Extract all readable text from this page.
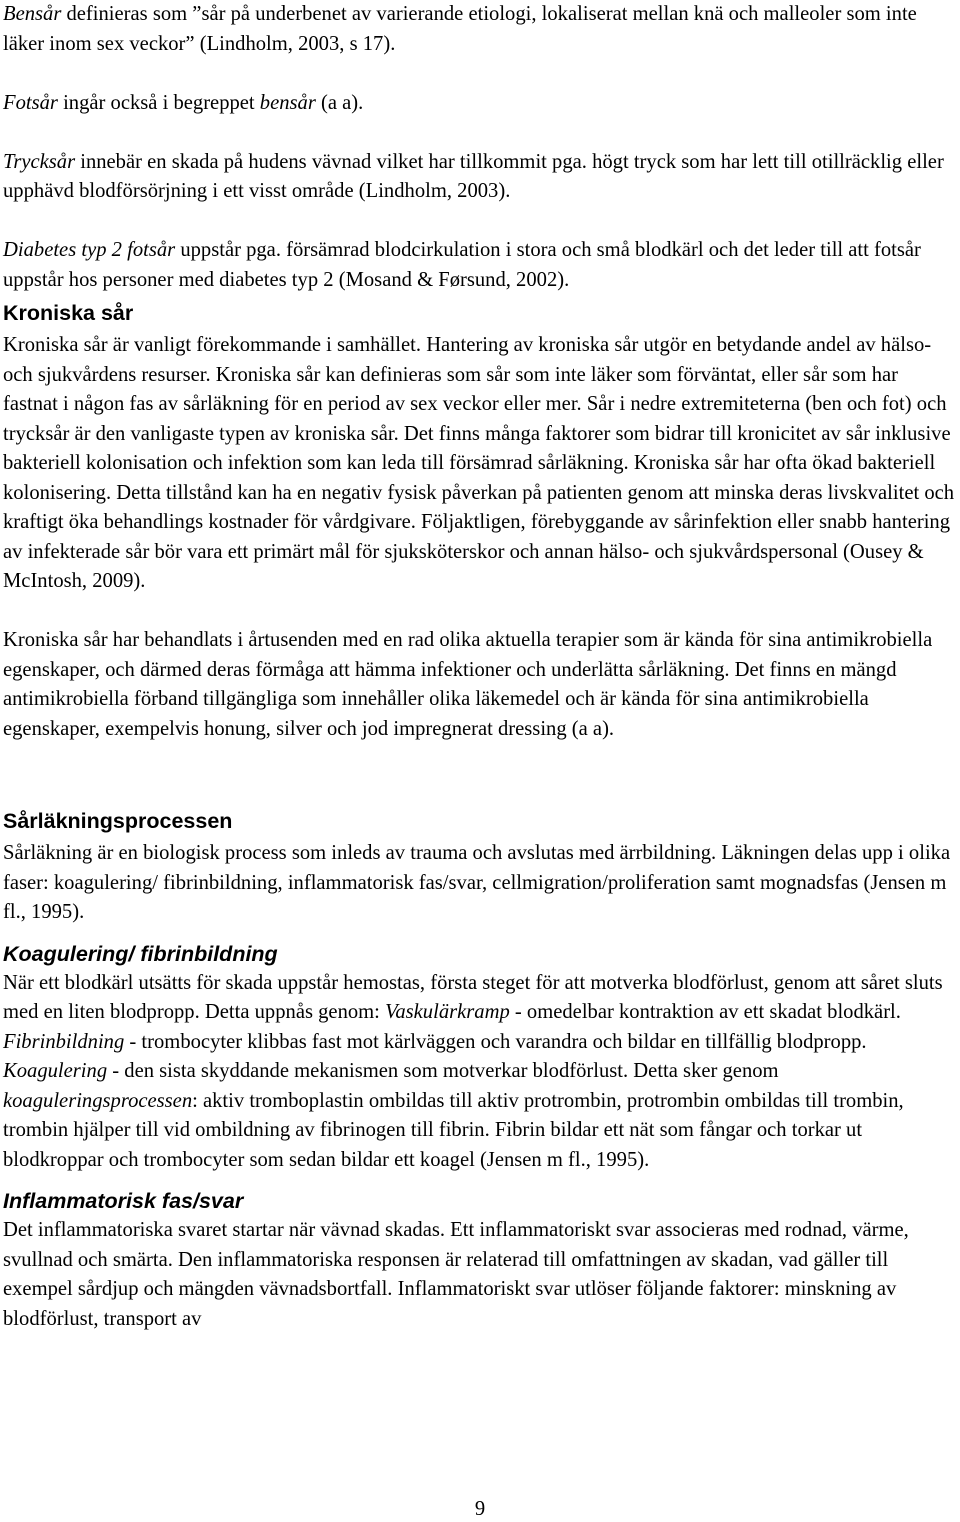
Bensår definieras som ”sår på underbenet av varierande etiologi, lokaliserat mellan knä och malleoler som inte läker inom sex veckor” (Lindholm, 2003, s 17).

Fotsår ingår också i begreppet bensår (a a).

Trycksår innebär en skada på hudens vävnad vilket har tillkommit pga. högt tryck som har lett till otillräcklig eller upphävd blodförsörjning i ett visst område (Lindholm, 2003).

Diabetes typ 2 fotsår uppstår pga. försämrad blodcirkulation i stora och små blodkärl och det leder till att fotsår uppstår hos personer med diabetes typ 2 (Mosand & Førsund, 2002).

Kroniska sår

Kroniska sår är vanligt förekommande i samhället. Hantering av kroniska sår utgör en betydande andel av hälso- och sjukvårdens resurser. Kroniska sår kan definieras som sår som inte läker som förväntat, eller sår som har fastnat i någon fas av sårläkning för en period av sex veckor eller mer. Sår i nedre extremiteterna (ben och fot) och trycksår är den vanligaste typen av kroniska sår. Det finns många faktorer som bidrar till kronicitet av sår inklusive bakteriell kolonisation och infektion som kan leda till försämrad sårläkning. Kroniska sår har ofta ökad bakteriell kolonisering. Detta tillstånd kan ha en negativ fysisk påverkan på patienten genom att minska deras livskvalitet och kraftigt öka behandlings kostnader för vårdgivare. Följaktligen, förebyggande av sårinfektion eller snabb hantering av infekterade sår bör vara ett primärt mål för sjuksköterskor och annan hälso- och sjukvårdspersonal (Ousey & McIntosh, 2009).

Kroniska sår har behandlats i årtusenden med en rad olika aktuella terapier som är kända för sina antimikrobiella egenskaper, och därmed deras förmåga att hämma infektioner och underlätta sårläkning. Det finns en mängd antimikrobiella förband tillgängliga som innehåller olika läkemedel och är kända för sina antimikrobiella egenskaper, exempelvis honung, silver och jod impregnerat dressing (a a).

Sårläkningsprocessen

Sårläkning är en biologisk process som inleds av trauma och avslutas med ärrbildning. Läkningen delas upp i olika faser: koagulering/ fibrinbildning, inflammatorisk fas/svar, cellmigration/proliferation samt mognadsfas (Jensen m fl., 1995).

Koagulering/ fibrinbildning

När ett blodkärl utsätts för skada uppstår hemostas, första steget för att motverka blodförlust, genom att såret sluts med en liten blodpropp. Detta uppnås genom: Vaskulärkramp - omedelbar kontraktion av ett skadat blodkärl. Fibrinbildning - trombocyter klibbas fast mot kärlväggen och varandra och bildar en tillfällig blodpropp. Koagulering - den sista skyddande mekanismen som motverkar blodförlust. Detta sker genom koaguleringsprocessen: aktiv tromboplastin ombildas till aktiv protrombin, protrombin ombildas till trombin, trombin hjälper till vid ombildning av fibrinogen till fibrin. Fibrin bildar ett nät som fångar och torkar ut blodkroppar och trombocyter som sedan bildar ett koagel (Jensen m fl., 1995).

Inflammatorisk fas/svar

Det inflammatoriska svaret startar när vävnad skadas. Ett inflammatoriskt svar associeras med rodnad, värme, svullnad och smärta. Den inflammatoriska responsen är relaterad till omfattningen av skadan, vad gäller till exempel sårdjup och mängden vävnadsbortfall. Inflammatoriskt svar utlöser följande faktorer: minskning av blodförlust, transport av

9
